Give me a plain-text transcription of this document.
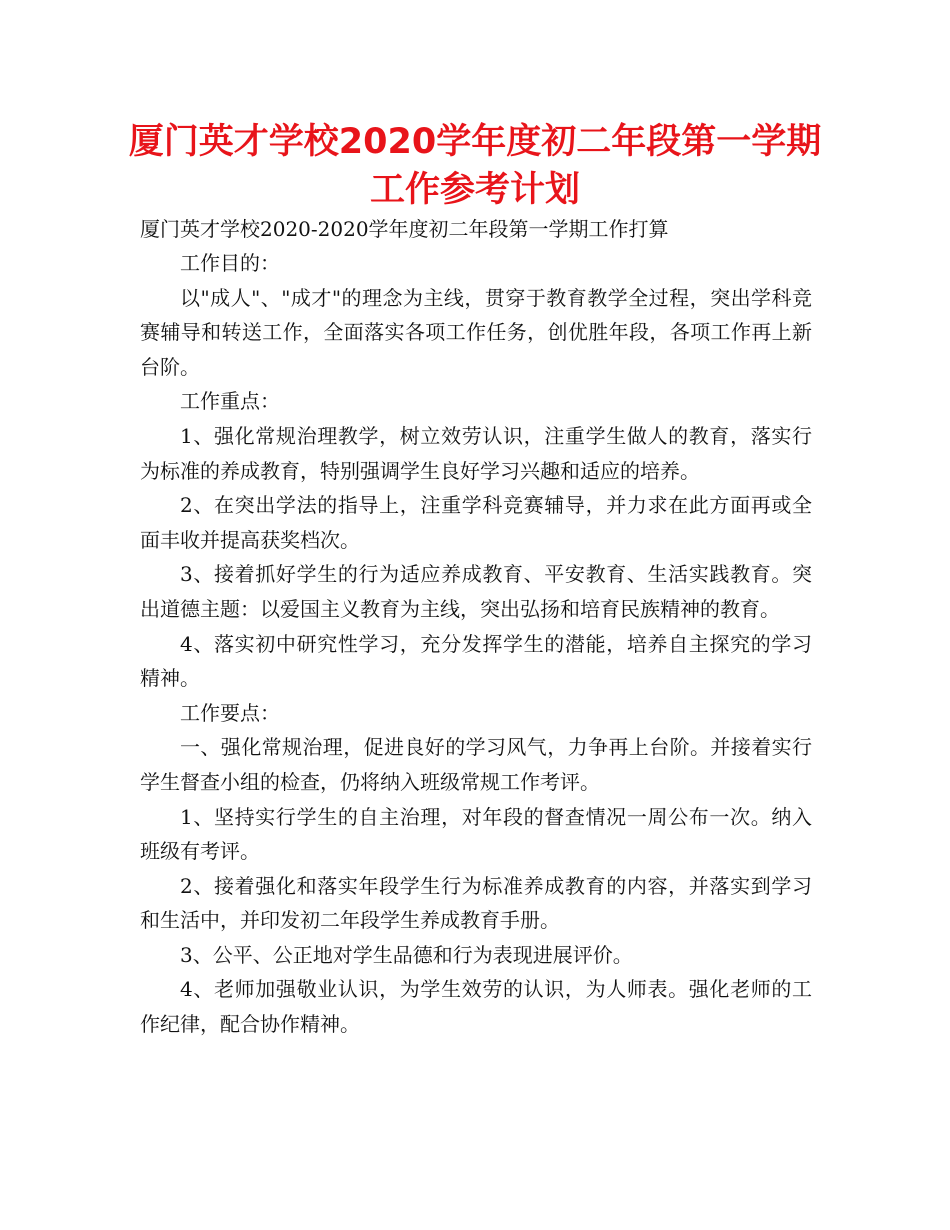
厦门英才学校2020学年度初二年段第一学期工作参考计划

厦门英才学校2020-2020学年度初二年段第一学期工作打算

工作目的：

以"成人"、"成才"的理念为主线，贯穿于教育教学全过程，突出学科竞赛辅导和转送工作，全面落实各项工作任务，创优胜年段，各项工作再上新台阶。

工作重点：

1、强化常规治理教学，树立效劳认识，注重学生做人的教育，落实行为标准的养成教育，特别强调学生良好学习兴趣和适应的培养。

2、在突出学法的指导上，注重学科竞赛辅导，并力求在此方面再或全面丰收并提高获奖档次。

3、接着抓好学生的行为适应养成教育、平安教育、生活实践教育。突出道德主题：以爱国主义教育为主线，突出弘扬和培育民族精神的教育。

4、落实初中研究性学习，充分发挥学生的潜能，培养自主探究的学习精神。

工作要点：

一、强化常规治理，促进良好的学习风气，力争再上台阶。并接着实行学生督查小组的检查，仍将纳入班级常规工作考评。

1、坚持实行学生的自主治理，对年段的督查情况一周公布一次。纳入班级有考评。

2、接着强化和落实年段学生行为标准养成教育的内容，并落实到学习和生活中，并印发初二年段学生养成教育手册。

3、公平、公正地对学生品德和行为表现进展评价。

4、老师加强敬业认识，为学生效劳的认识，为人师表。强化老师的工作纪律，配合协作精神。
